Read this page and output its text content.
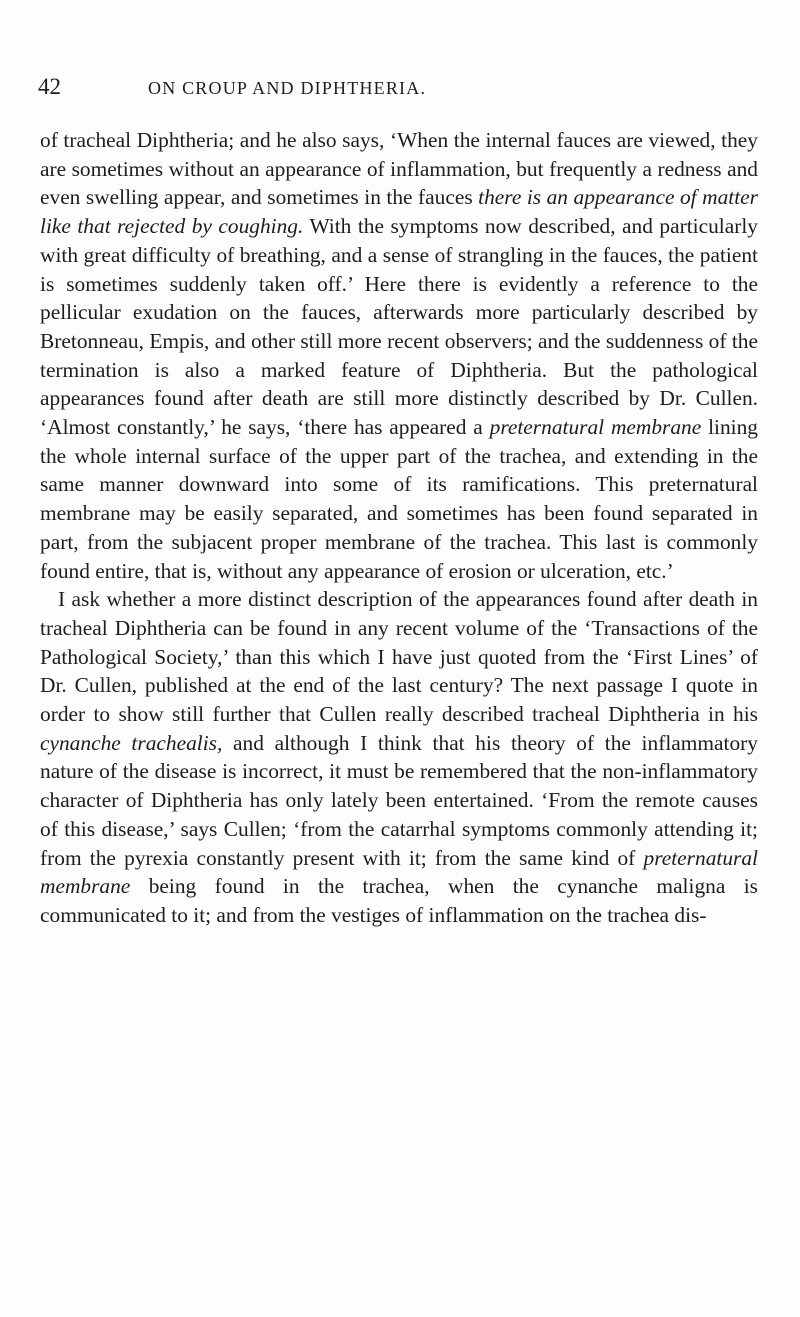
42	ON CROUP AND DIPHTHERIA.

of tracheal Diphtheria; and he also says, ‘When the internal fauces are viewed, they are sometimes without an appearance of inflammation, but frequently a redness and even swelling appear, and sometimes in the fauces there is an appearance of matter like that rejected by coughing. With the symptoms now described, and particularly with great difficulty of breathing, and a sense of strangling in the fauces, the patient is sometimes suddenly taken off.’ Here there is evidently a reference to the pellicular exudation on the fauces, afterwards more particularly described by Bretonneau, Empis, and other still more recent observers; and the suddenness of the termination is also a marked feature of Diphtheria. But the pathological appearances found after death are still more distinctly described by Dr. Cullen. ‘Almost constantly,’ he says, ‘there has appeared a preternatural membrane lining the whole internal surface of the upper part of the trachea, and extending in the same manner downward into some of its ramifications. This preternatural membrane may be easily separated, and sometimes has been found separated in part, from the subjacent proper membrane of the trachea. This last is commonly found entire, that is, without any appearance of erosion or ulceration, etc.’

I ask whether a more distinct description of the appearances found after death in tracheal Diphtheria can be found in any recent volume of the ‘Transactions of the Pathological Society,’ than this which I have just quoted from the ‘First Lines’ of Dr. Cullen, published at the end of the last century? The next passage I quote in order to show still further that Cullen really described tracheal Diphtheria in his cynanche trachealis, and although I think that his theory of the inflammatory nature of the disease is incorrect, it must be remembered that the non-inflammatory character of Diphtheria has only lately been entertained. ‘From the remote causes of this disease,’ says Cullen; ‘from the catarrhal symptoms commonly attending it; from the pyrexia constantly present with it; from the same kind of preternatural membrane being found in the trachea, when the cynanche maligna is communicated to it; and from the vestiges of inflammation on the trachea dis-
